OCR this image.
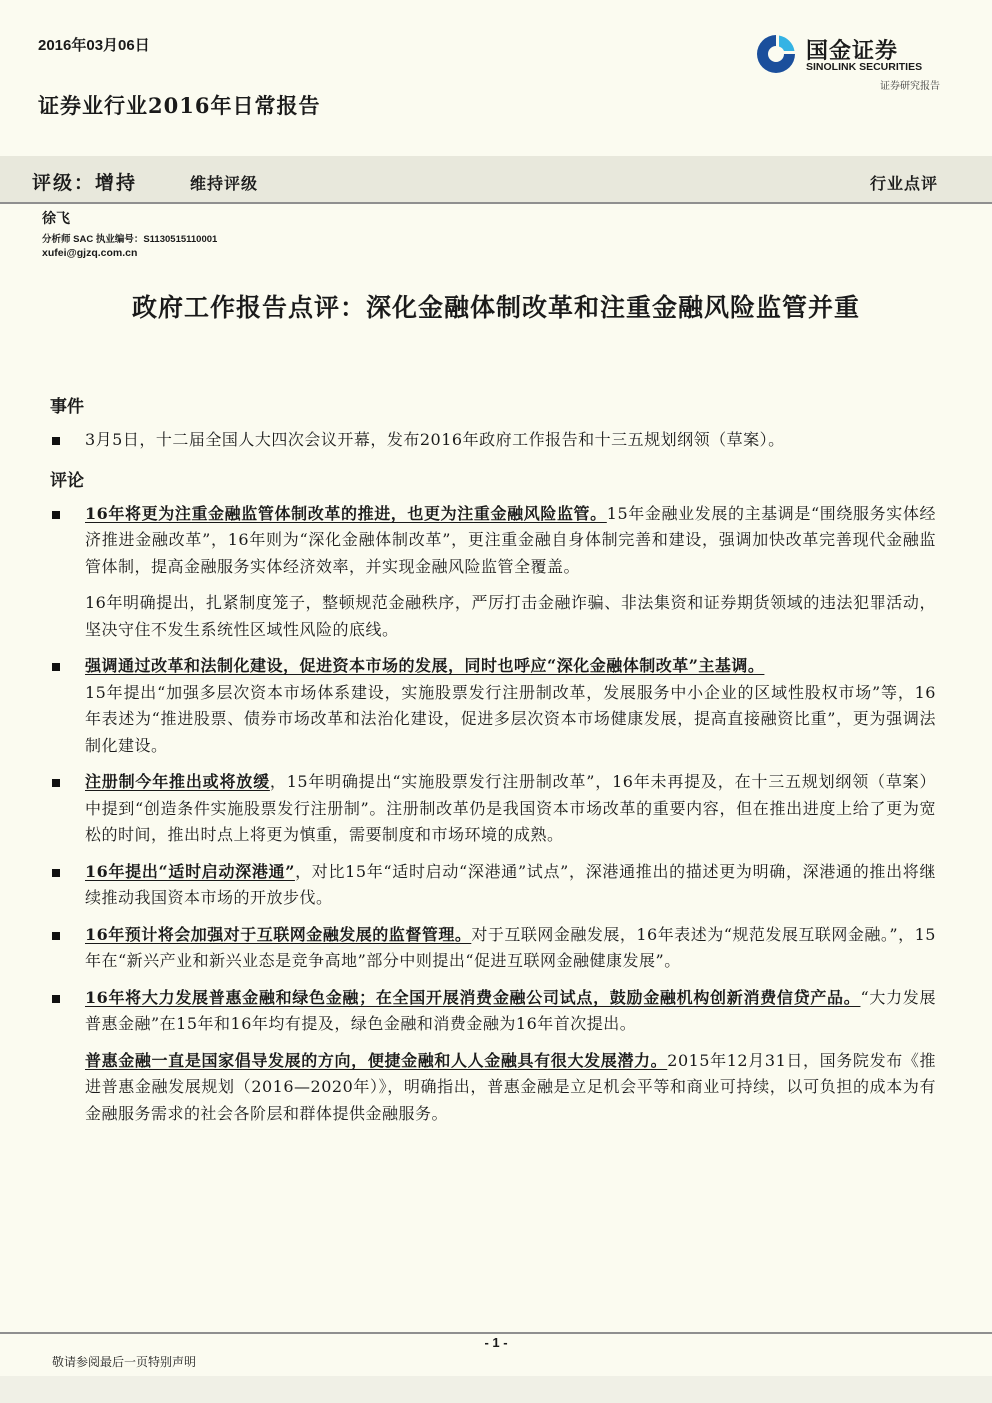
2016年03月06日	国金证券
SINOLINK SECURITIES
证券研究报告
证券业行业2016年日常报告
评级：增持	维持评级	行业点评
徐飞
分析师 SAC 执业编号：S1130515110001
xufei@gjzq.com.cn
政府工作报告点评：深化金融体制改革和注重金融风险监管并重
事件
3月5日，十二届全国人大四次会议开幕，发布2016年政府工作报告和十三五规划纲领（草案）。
评论
16年将更为注重金融监管体制改革的推进，也更为注重金融风险监管。15年金融业发展的主基调是“围绕服务实体经济推进金融改革”，16年则为“深化金融体制改革”，更注重金融自身体制完善和建设，强调加快改革完善现代金融监管体制，提高金融服务实体经济效率，并实现金融风险监管全覆盖。
16年明确提出，扎紧制度笼子，整顿规范金融秩序，严厉打击金融诈骗、非法集资和证券期货领域的违法犯罪活动，坚决守住不发生系统性区域性风险的底线。
强调通过改革和法制化建设，促进资本市场的发展，同时也呼应“深化金融体制改革”主基调。
15年提出“加强多层次资本市场体系建设，实施股票发行注册制改革，发展服务中小企业的区域性股权市场”等，16年表述为“推进股票、债券市场改革和法治化建设，促进多层次资本市场健康发展，提高直接融资比重”，更为强调法制化建设。
注册制今年推出或将放缓，15年明确提出“实施股票发行注册制改革”，16年未再提及，在十三五规划纲领（草案）中提到“创造条件实施股票发行注册制”。注册制改革仍是我国资本市场改革的重要内容，但在推出进度上给了更为宽松的时间，推出时点上将更为慎重，需要制度和市场环境的成熟。
16年提出“适时启动深港通”，对比15年“适时启动“深港通”试点”，深港通推出的描述更为明确，深港通的推出将继续推动我国资本市场的开放步伐。
16年预计将会加强对于互联网金融发展的监督管理。对于互联网金融发展，16年表述为“规范发展互联网金融。”，15年在“新兴产业和新兴业态是竞争高地”部分中则提出“促进互联网金融健康发展”。
16年将大力发展普惠金融和绿色金融；在全国开展消费金融公司试点，鼓励金融机构创新消费信贷产品。“大力发展普惠金融”在15年和16年均有提及，绿色金融和消费金融为16年首次提出。
普惠金融一直是国家倡导发展的方向，便捷金融和人人金融具有很大发展潜力。2015年12月31日，国务院发布《推进普惠金融发展规划（2016—2020年）》，明确指出，普惠金融是立足机会平等和商业可持续，以可负担的成本为有金融服务需求的社会各阶层和群体提供金融服务。
- 1 -
敬请参阅最后一页特别声明
